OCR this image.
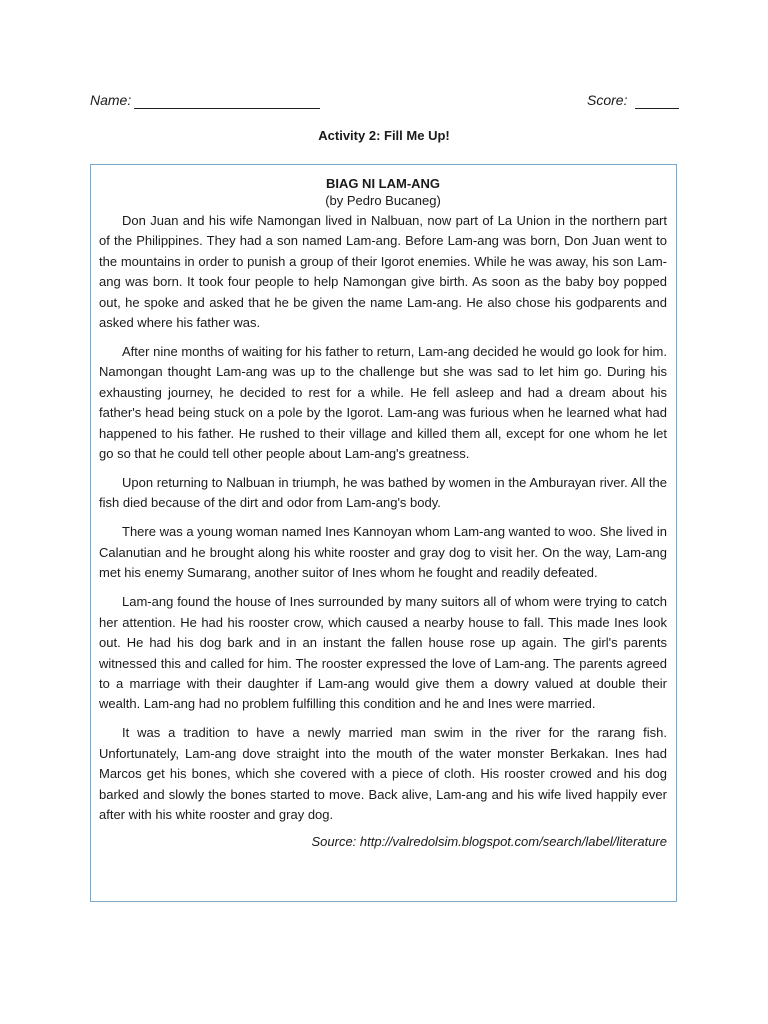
Name:	Score:
Activity 2: Fill Me Up!
BIAG NI LAM-ANG
(by Pedro Bucaneg)

Don Juan and his wife Namongan lived in Nalbuan, now part of La Union in the northern part of the Philippines. They had a son named Lam-ang. Before Lam-ang was born, Don Juan went to the mountains in order to punish a group of their Igorot enemies. While he was away, his son Lam-ang was born. It took four people to help Namongan give birth. As soon as the baby boy popped out, he spoke and asked that he be given the name Lam-ang. He also chose his godparents and asked where his father was.

After nine months of waiting for his father to return, Lam-ang decided he would go look for him. Namongan thought Lam-ang was up to the challenge but she was sad to let him go. During his exhausting journey, he decided to rest for a while. He fell asleep and had a dream about his father's head being stuck on a pole by the Igorot. Lam-ang was furious when he learned what had happened to his father. He rushed to their village and killed them all, except for one whom he let go so that he could tell other people about Lam-ang's greatness.

Upon returning to Nalbuan in triumph, he was bathed by women in the Amburayan river. All the fish died because of the dirt and odor from Lam-ang's body.

There was a young woman named Ines Kannoyan whom Lam-ang wanted to woo. She lived in Calanutian and he brought along his white rooster and gray dog to visit her. On the way, Lam-ang met his enemy Sumarang, another suitor of Ines whom he fought and readily defeated.

Lam-ang found the house of Ines surrounded by many suitors all of whom were trying to catch her attention. He had his rooster crow, which caused a nearby house to fall. This made Ines look out. He had his dog bark and in an instant the fallen house rose up again. The girl's parents witnessed this and called for him. The rooster expressed the love of Lam-ang. The parents agreed to a marriage with their daughter if Lam-ang would give them a dowry valued at double their wealth. Lam-ang had no problem fulfilling this condition and he and Ines were married.

It was a tradition to have a newly married man swim in the river for the rarang fish. Unfortunately, Lam-ang dove straight into the mouth of the water monster Berkakan. Ines had Marcos get his bones, which she covered with a piece of cloth. His rooster crowed and his dog barked and slowly the bones started to move. Back alive, Lam-ang and his wife lived happily ever after with his white rooster and gray dog.

Source: http://valredolsim.blogspot.com/search/label/literature
